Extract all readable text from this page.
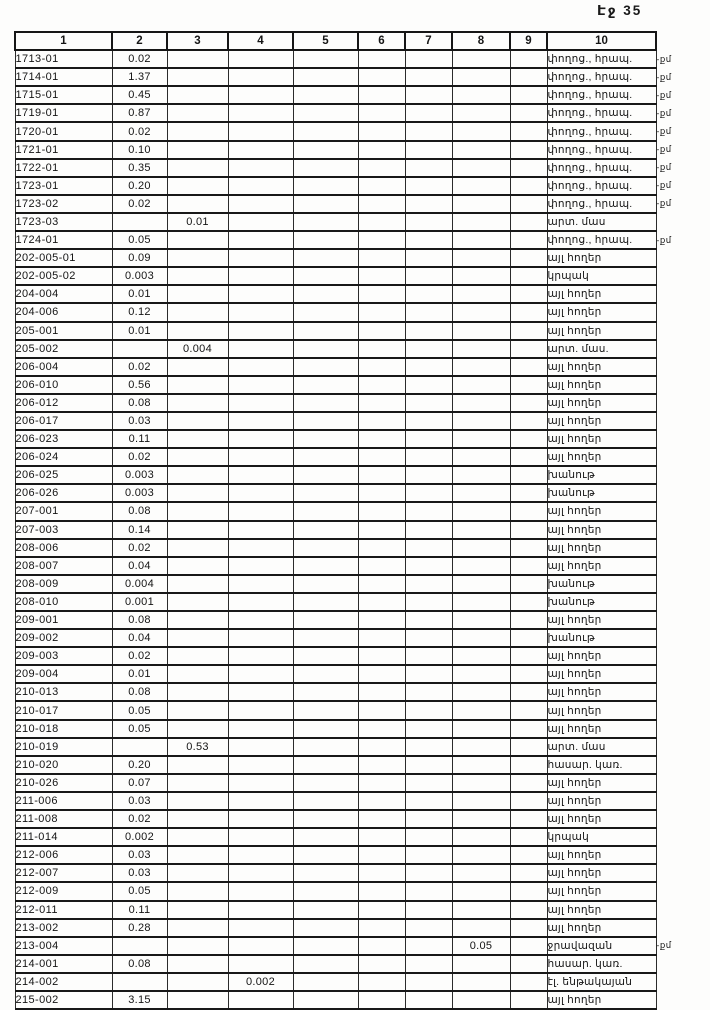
Էջ 35
1	2	3	4	5	6	7	8	9	10	
1713-01	0.02								փողոց., հրապ.	-քմ
1714-01	1.37								փողոց., հրապ.	-քմ
1715-01	0.45								փողոց., հրապ.	-քմ
1719-01	0.87								փողոց., հրապ.	-քմ
1720-01	0.02								փողոց., հրապ.	-քմ
1721-01	0.10								փողոց., հրապ.	-քմ
1722-01	0.35								փողոց., հրապ.	-քմ
1723-01	0.20								փողոց., հրապ.	-քմ
1723-02	0.02								փողոց., հրապ.	-քմ
1723-03		0.01							արտ. մաս	
1724-01	0.05								փողոց., հրապ.	-քմ
202-005-01	0.09								այլ հողեր	
202-005-02	0.003								կրպակ	
204-004	0.01								այլ հողեր	
204-006	0.12								այլ հողեր	
205-001	0.01								այլ հողեր	
205-002		0.004							արտ. մաս.	
206-004	0.02								այլ հողեր	
206-010	0.56								այլ հողեր	
206-012	0.08								այլ հողեր	
206-017	0.03								այլ հողեր	
206-023	0.11								այլ հողեր	
206-024	0.02								այլ հողեր	
206-025	0.003								խանութ	
206-026	0.003								խանութ	
207-001	0.08								այլ հողեր	
207-003	0.14								այլ հողեր	
208-006	0.02								այլ հողեր	
208-007	0.04								այլ հողեր	
208-009	0.004								խանութ	
208-010	0.001								խանութ	
209-001	0.08								այլ հողեր	
209-002	0.04								խանութ	
209-003	0.02								այլ հողեր	
209-004	0.01								այլ հողեր	
210-013	0.08								այլ հողեր	
210-017	0.05								այլ հողեր	
210-018	0.05								այլ հողեր	
210-019		0.53							արտ. մաս	
210-020	0.20								հասար. կառ.	
210-026	0.07								այլ հողեր	
211-006	0.03								այլ հողեր	
211-008	0.02								այլ հողեր	
211-014	0.002								կրպակ	
212-006	0.03								այլ հողեր	
212-007	0.03								այլ հողեր	
212-009	0.05								այլ հողեր	
212-011	0.11								այլ հողեր	
213-002	0.28								այլ հողեր	
213-004							0.05		ջրավազան	-քմ
214-001	0.08								հասար. կառ.	
214-002			0.002						էլ. ենթակայան	
215-002	3.15								այլ հողեր	
